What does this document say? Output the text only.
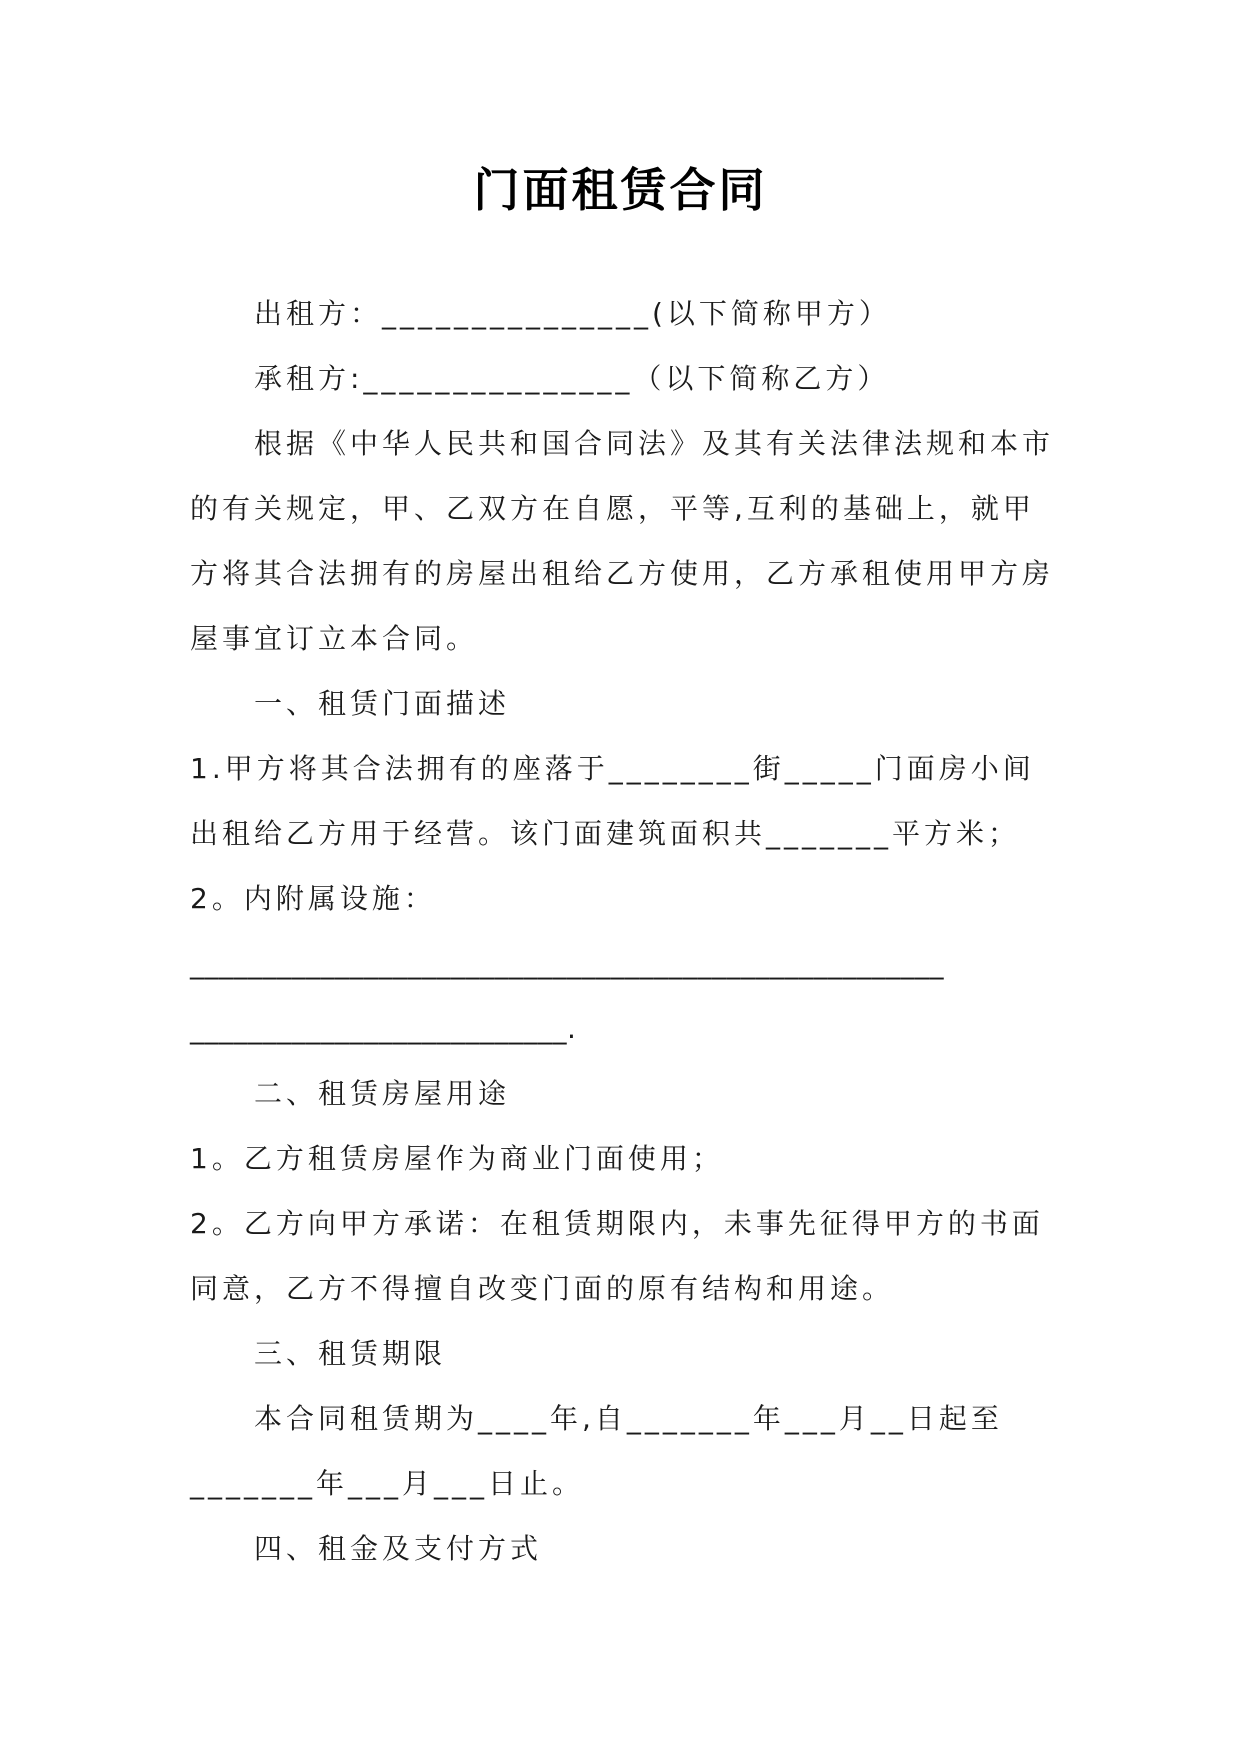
门面租赁合同

出租方：_______________(以下简称甲方）

承租方:_______________（以下简称乙方）

根据《中华人民共和国合同法》及其有关法律法规和本市

的有关规定，甲、乙双方在自愿，平等,互利的基础上，就甲

方将其合法拥有的房屋出租给乙方使用，乙方承租使用甲方房

屋事宜订立本合同。

一、租赁门面描述

1.甲方将其合法拥有的座落于________街_____门面房小间

出租给乙方用于经营。该门面建筑面积共_______平方米；

2。内附属设施：

____________________________________________________

__________________________.

二、租赁房屋用途

1。乙方租赁房屋作为商业门面使用；

2。乙方向甲方承诺：在租赁期限内，未事先征得甲方的书面

同意，乙方不得擅自改变门面的原有结构和用途。

三、租赁期限

本合同租赁期为____年,自_______年___月__日起至

_______年___月___日止。

四、租金及支付方式
